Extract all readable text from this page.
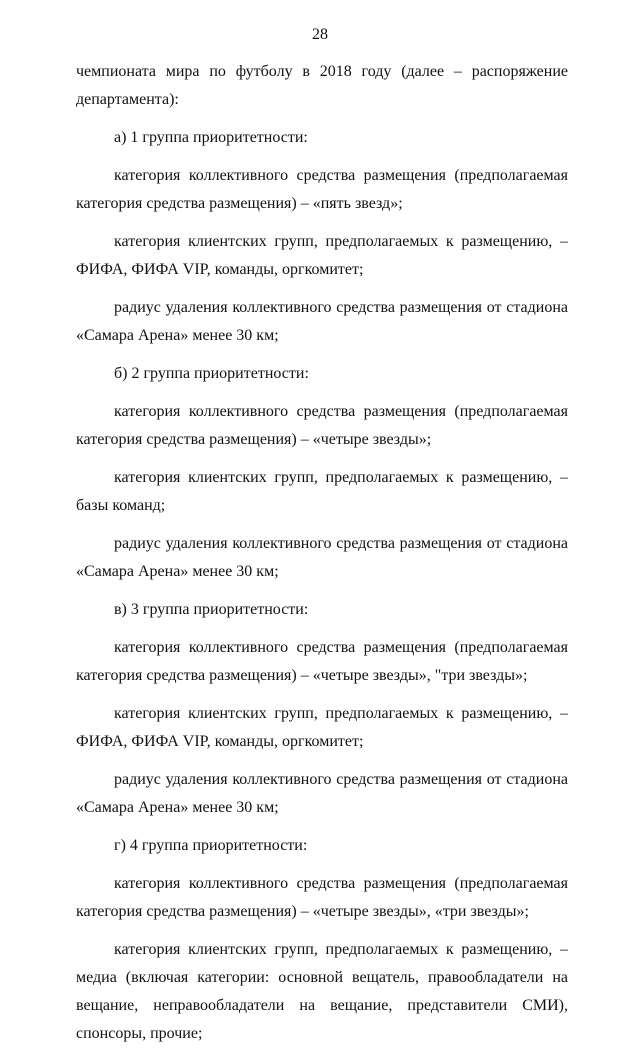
28

чемпионата мира по футболу в 2018 году (далее – распоряжение департамента):

а) 1 группа приоритетности:

категория коллективного средства размещения (предполагаемая категория средства размещения) – «пять звезд»;

категория клиентских групп, предполагаемых к размещению, – ФИФА, ФИФА VIP, команды, оргкомитет;

радиус удаления коллективного средства размещения от стадиона «Самара Арена» менее 30 км;

б) 2 группа приоритетности:

категория коллективного средства размещения (предполагаемая категория средства размещения) – «четыре звезды»;

категория клиентских групп, предполагаемых к размещению, – базы команд;

радиус удаления коллективного средства размещения от стадиона «Самара Арена» менее 30 км;

в) 3 группа приоритетности:

категория коллективного средства размещения (предполагаемая категория средства размещения) – «четыре звезды», "три звезды»;

категория клиентских групп, предполагаемых к размещению, – ФИФА, ФИФА VIP, команды, оргкомитет;

радиус удаления коллективного средства размещения от стадиона «Самара Арена» менее 30 км;

г) 4 группа приоритетности:

категория коллективного средства размещения (предполагаемая категория средства размещения) – «четыре звезды», «три звезды»;

категория клиентских групп, предполагаемых к размещению, – медиа (включая категории: основной вещатель, правообладатели на вещание, неправообладатели на вещание, представители СМИ), спонсоры, прочие;
